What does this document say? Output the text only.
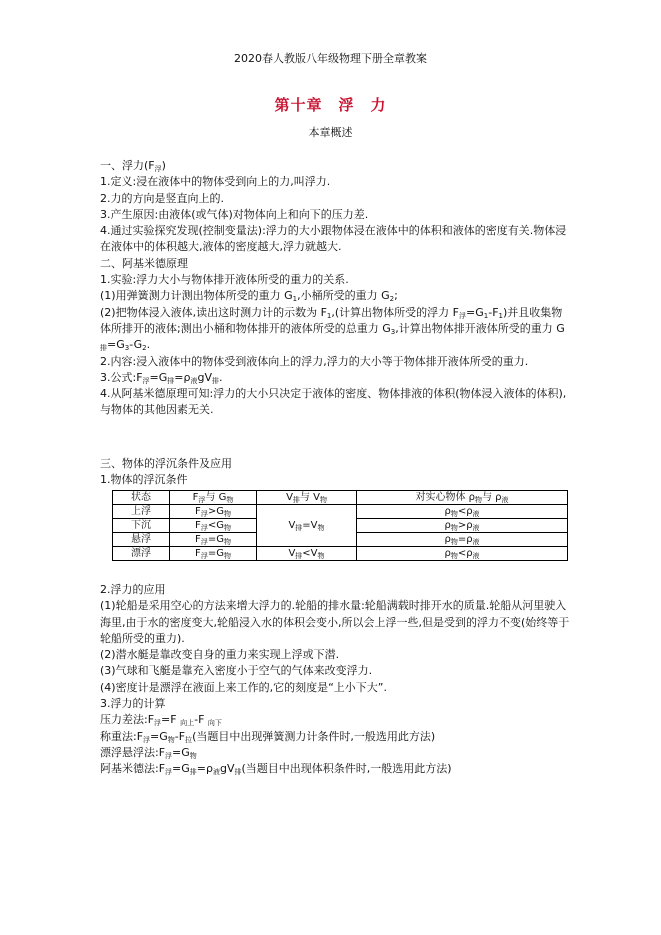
2020春人教版八年级物理下册全章教案
第十章　浮　力
本章概述
一、浮力$(F_浮)$
1.定义:浸在液体中的物体受到向上的力,叫浮力.
2.力的方向是竖直向上的.
3.产生原因:由液体(或气体)对物体向上和向下的压力差.
4.通过实验探究发现(控制变量法):浮力的大小跟物体浸在液体中的体积和液体的密度有关.物体浸在液体中的体积越大,液体的密度越大,浮力就越大.
二、阿基米德原理
1.实验:浮力大小与物体排开液体所受的重力的关系.
(1)用弹簧测力计测出物体所受的重力 $G_1$,小桶所受的重力 $G_2$;
(2)把物体浸入液体,读出这时测力计的示数为 $F_1$,(计算出物体所受的浮力 $F_浮=G_1-F_1$)并且收集物体所排开的液体;测出小桶和物体排开的液体所受的总重力 $G_3$,计算出物体排开液体所受的重力 $G_排=G_3-G_2$.
2.内容:浸入液体中的物体受到液体向上的浮力,浮力的大小等于物体排开液体所受的重力.
3.公式$:F_浮=G_排=\rho_液gV_排$.
4.从阿基米德原理可知:浮力的大小只决定于液体的密度、物体排液的体积(物体浸入液体的体积),与物体的其他因素无关.
三、物体的浮沉条件及应用
1.物体的浮沉条件
状态	$F_浮$与 $G_物$	$V_排$与 $V_物$	对实心物体 $\rho_物$与 $\rho_液$
上浮	$F_浮>G_物$	$V_排=V_物$	$\rho_物<\rho_液$
下沉	$F_浮<G_物$		$\rho_物>\rho_液$
悬浮	$F_浮=G_物$		$\rho_物=\rho_液$
漂浮	$F_浮=G_物$	$V_排<V_物$	$\rho_物<\rho_液$
2.浮力的应用
(1)轮船是采用空心的方法来增大浮力的.轮船的排水量:轮船满载时排开水的质量.轮船从河里驶入海里,由于水的密度变大,轮船浸入水的体积会变小,所以会上浮一些,但是受到的浮力不变(始终等于轮船所受的重力).
(2)潜水艇是靠改变自身的重力来实现上浮或下潜.
(3)气球和飞艇是靠充入密度小于空气的气体来改变浮力.
(4)密度计是漂浮在液面上来工作的,它的刻度是“上小下大”.
3.浮力的计算
压力差法$:F_浮=F$ $_{向上}$-F $_{向下}$
称重法$:F_浮=G_物-F_拉$(当题目中出现弹簧测力计条件时,一般选用此方法)
漂浮悬浮法$:F_浮=G_物$
阿基米德法$:F_浮=G_排=\rho_液gV_排$(当题目中出现体积条件时,一般选用此方法)
